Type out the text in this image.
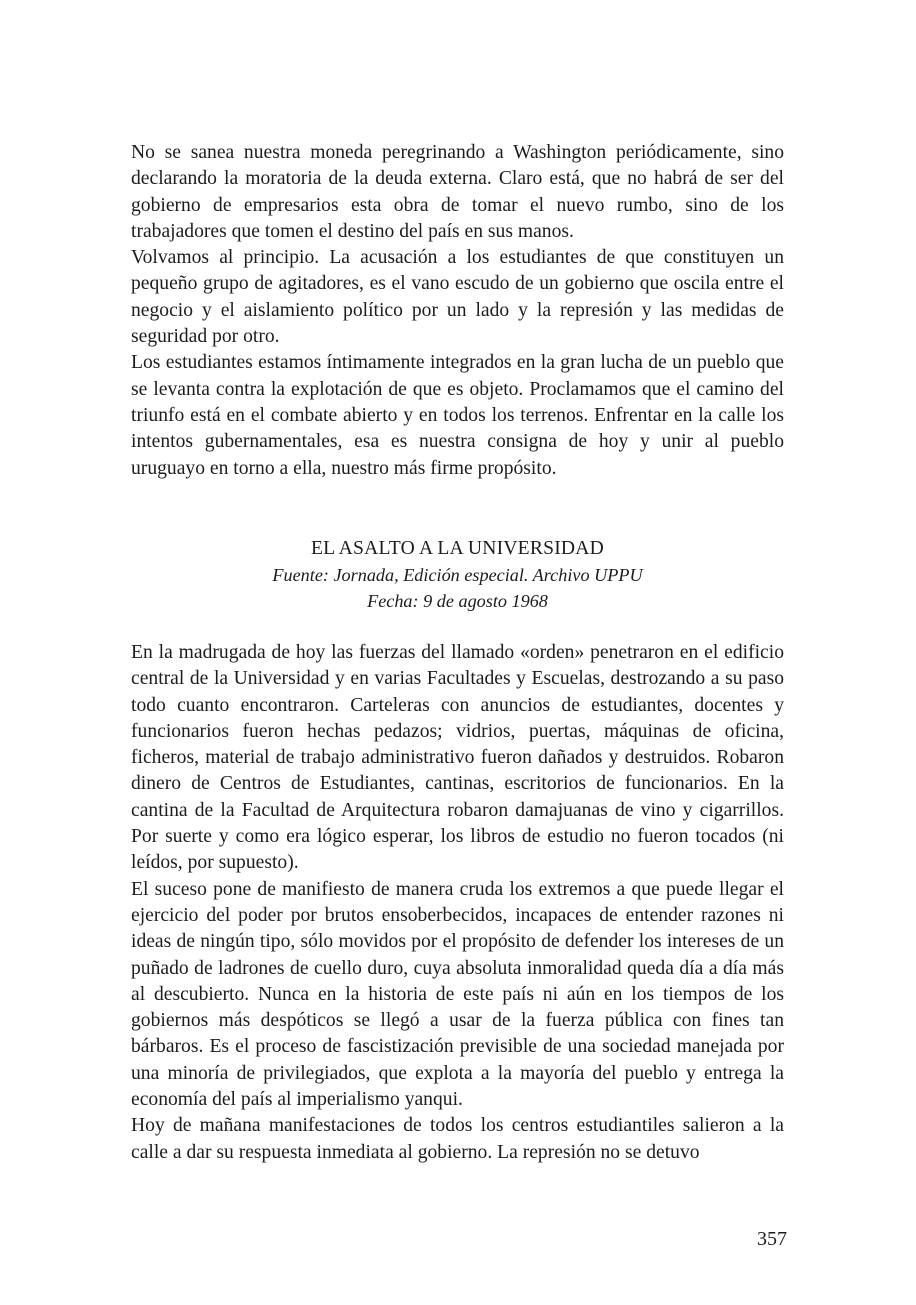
No se sanea nuestra moneda peregrinando a Washington periódicamente, sino declarando la moratoria de la deuda externa. Claro está, que no habrá de ser del gobierno de empresarios esta obra de tomar el nuevo rumbo, sino de los trabajadores que tomen el destino del país en sus manos.

Volvamos al principio. La acusación a los estudiantes de que constituyen un pequeño grupo de agitadores, es el vano escudo de un gobierno que oscila entre el negocio y el aislamiento político por un lado y la represión y las medidas de seguridad por otro.

Los estudiantes estamos íntimamente integrados en la gran lucha de un pueblo que se levanta contra la explotación de que es objeto. Proclamamos que el camino del triunfo está en el combate abierto y en todos los terrenos. Enfrentar en la calle los intentos gubernamentales, esa es nuestra consigna de hoy y unir al pueblo uruguayo en torno a ella, nuestro más firme propósito.

EL ASALTO A LA UNIVERSIDAD
Fuente: Jornada, Edición especial. Archivo UPPU
Fecha: 9 de agosto 1968

En la madrugada de hoy las fuerzas del llamado «orden» penetraron en el edificio central de la Universidad y en varias Facultades y Escuelas, destrozando a su paso todo cuanto encontraron. Carteleras con anuncios de estudiantes, docentes y funcionarios fueron hechas pedazos; vidrios, puertas, máquinas de oficina, ficheros, material de trabajo administrativo fueron dañados y destruidos. Robaron dinero de Centros de Estudiantes, cantinas, escritorios de funcionarios. En la cantina de la Facultad de Arquitectura robaron damajuanas de vino y cigarrillos. Por suerte y como era lógico esperar, los libros de estudio no fueron tocados (ni leídos, por supuesto).

El suceso pone de manifiesto de manera cruda los extremos a que puede llegar el ejercicio del poder por brutos ensoberbecidos, incapaces de entender razones ni ideas de ningún tipo, sólo movidos por el propósito de defender los intereses de un puñado de ladrones de cuello duro, cuya absoluta inmoralidad queda día a día más al descubierto. Nunca en la historia de este país ni aún en los tiempos de los gobiernos más despóticos se llegó a usar de la fuerza pública con fines tan bárbaros. Es el proceso de fascistización previsible de una sociedad manejada por una minoría de privilegiados, que explota a la mayoría del pueblo y entrega la economía del país al imperialismo yanqui.

Hoy de mañana manifestaciones de todos los centros estudiantiles salieron a la calle a dar su respuesta inmediata al gobierno. La represión no se detuvo

357
